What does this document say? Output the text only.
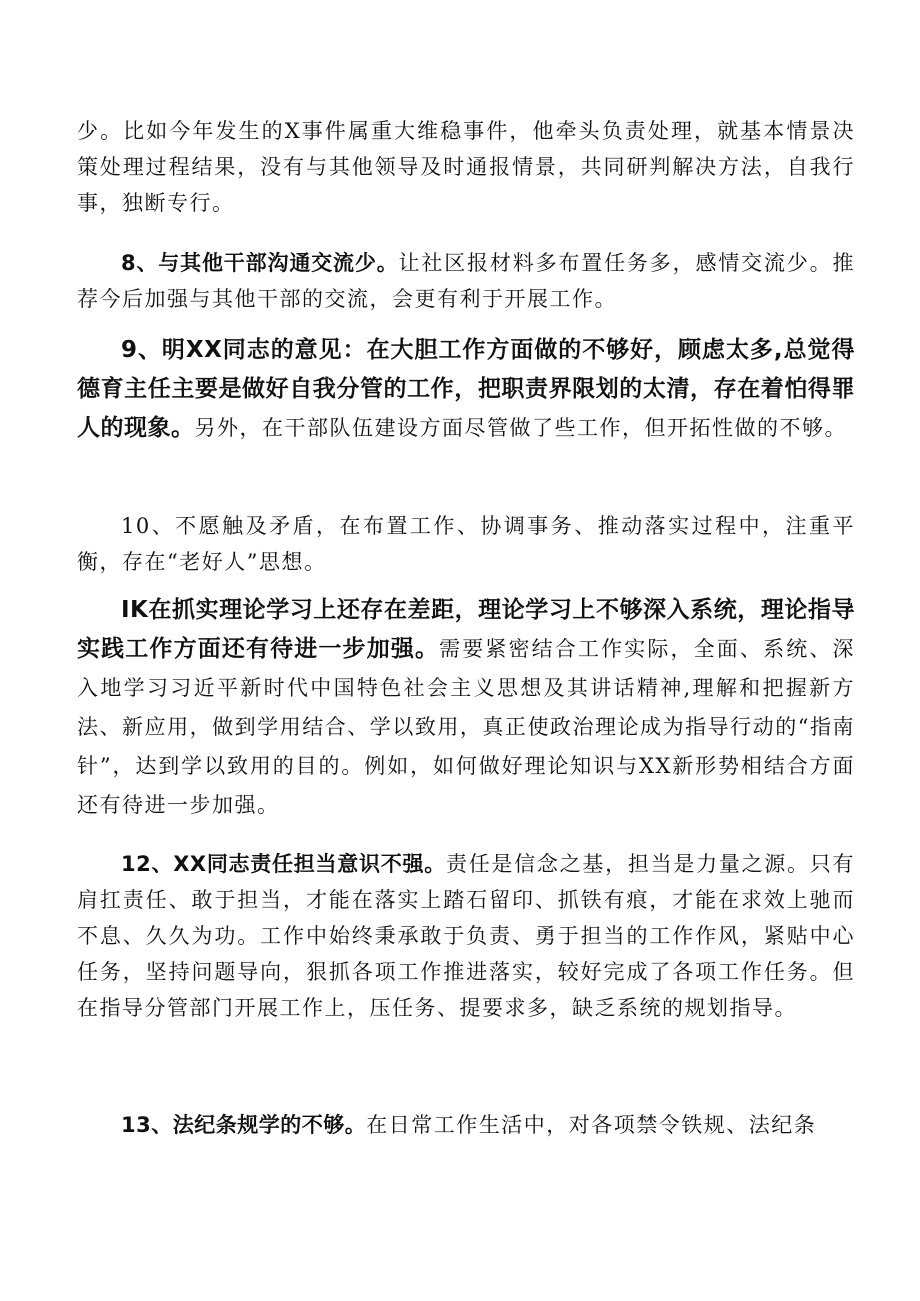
少。比如今年发生的X事件属重大维稳事件，他牵头负责处理，就基本情景决策处理过程结果，没有与其他领导及时通报情景，共同研判解决方法，自我行事，独断专行。

8、与其他干部沟通交流少。让社区报材料多布置任务多，感情交流少。推荐今后加强与其他干部的交流，会更有利于开展工作。

9、明XX同志的意见：在大胆工作方面做的不够好，顾虑太多,总觉得德育主任主要是做好自我分管的工作，把职责界限划的太清，存在着怕得罪人的现象。另外，在干部队伍建设方面尽管做了些工作，但开拓性做的不够。

10、不愿触及矛盾，在布置工作、协调事务、推动落实过程中，注重平衡，存在“老好人”思想。

IK在抓实理论学习上还存在差距，理论学习上不够深入系统，理论指导实践工作方面还有待进一步加强。需要紧密结合工作实际，全面、系统、深入地学习习近平新时代中国特色社会主义思想及其讲话精神,理解和把握新方法、新应用，做到学用结合、学以致用，真正使政治理论成为指导行动的“指南针”，达到学以致用的目的。例如，如何做好理论知识与XX新形势相结合方面还有待进一步加强。

12、XX同志责任担当意识不强。责任是信念之基，担当是力量之源。只有肩扛责任、敢于担当，才能在落实上踏石留印、抓铁有痕，才能在求效上驰而不息、久久为功。工作中始终秉承敢于负责、勇于担当的工作作风，紧贴中心任务，坚持问题导向，狠抓各项工作推进落实，较好完成了各项工作任务。但在指导分管部门开展工作上，压任务、提要求多，缺乏系统的规划指导。

13、法纪条规学的不够。在日常工作生活中，对各项禁令铁规、法纪条
